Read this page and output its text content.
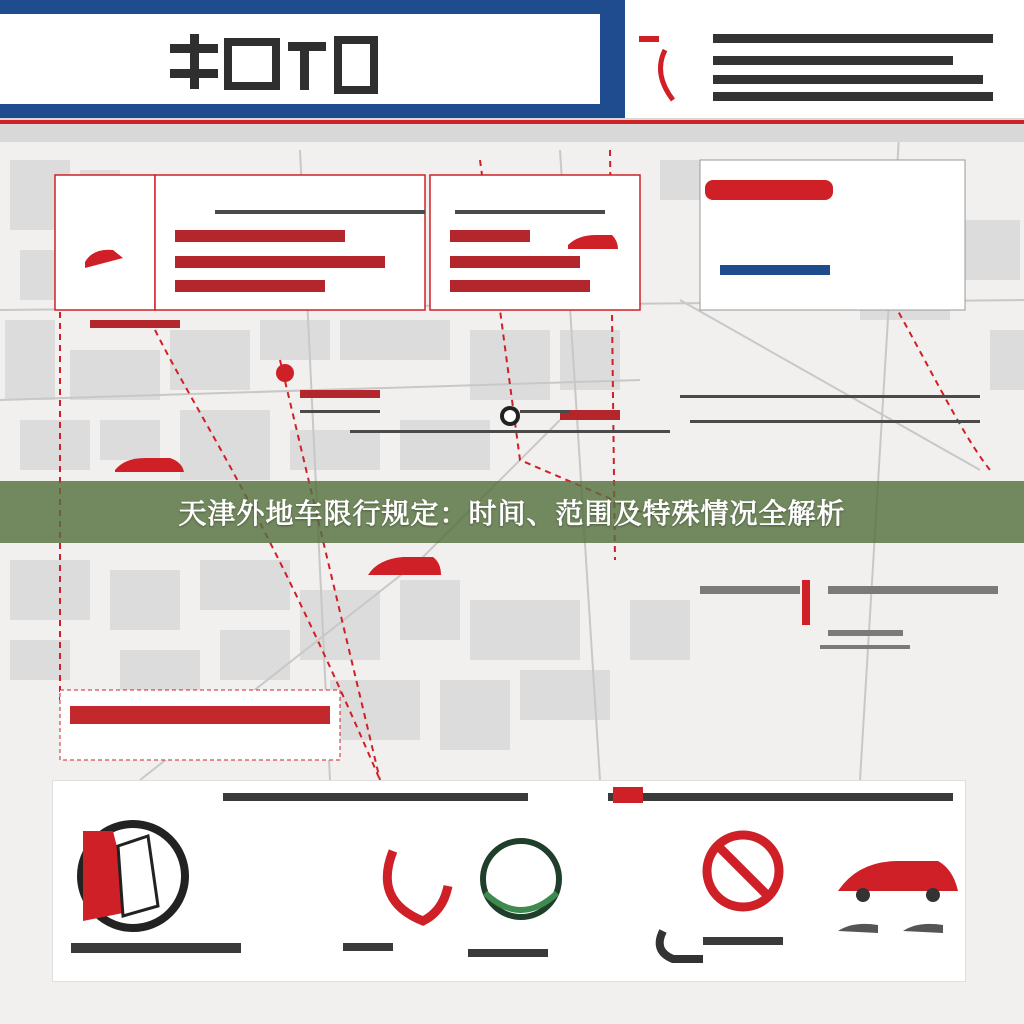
天津外地车限行规定：时间、范围及特殊情况全解析
